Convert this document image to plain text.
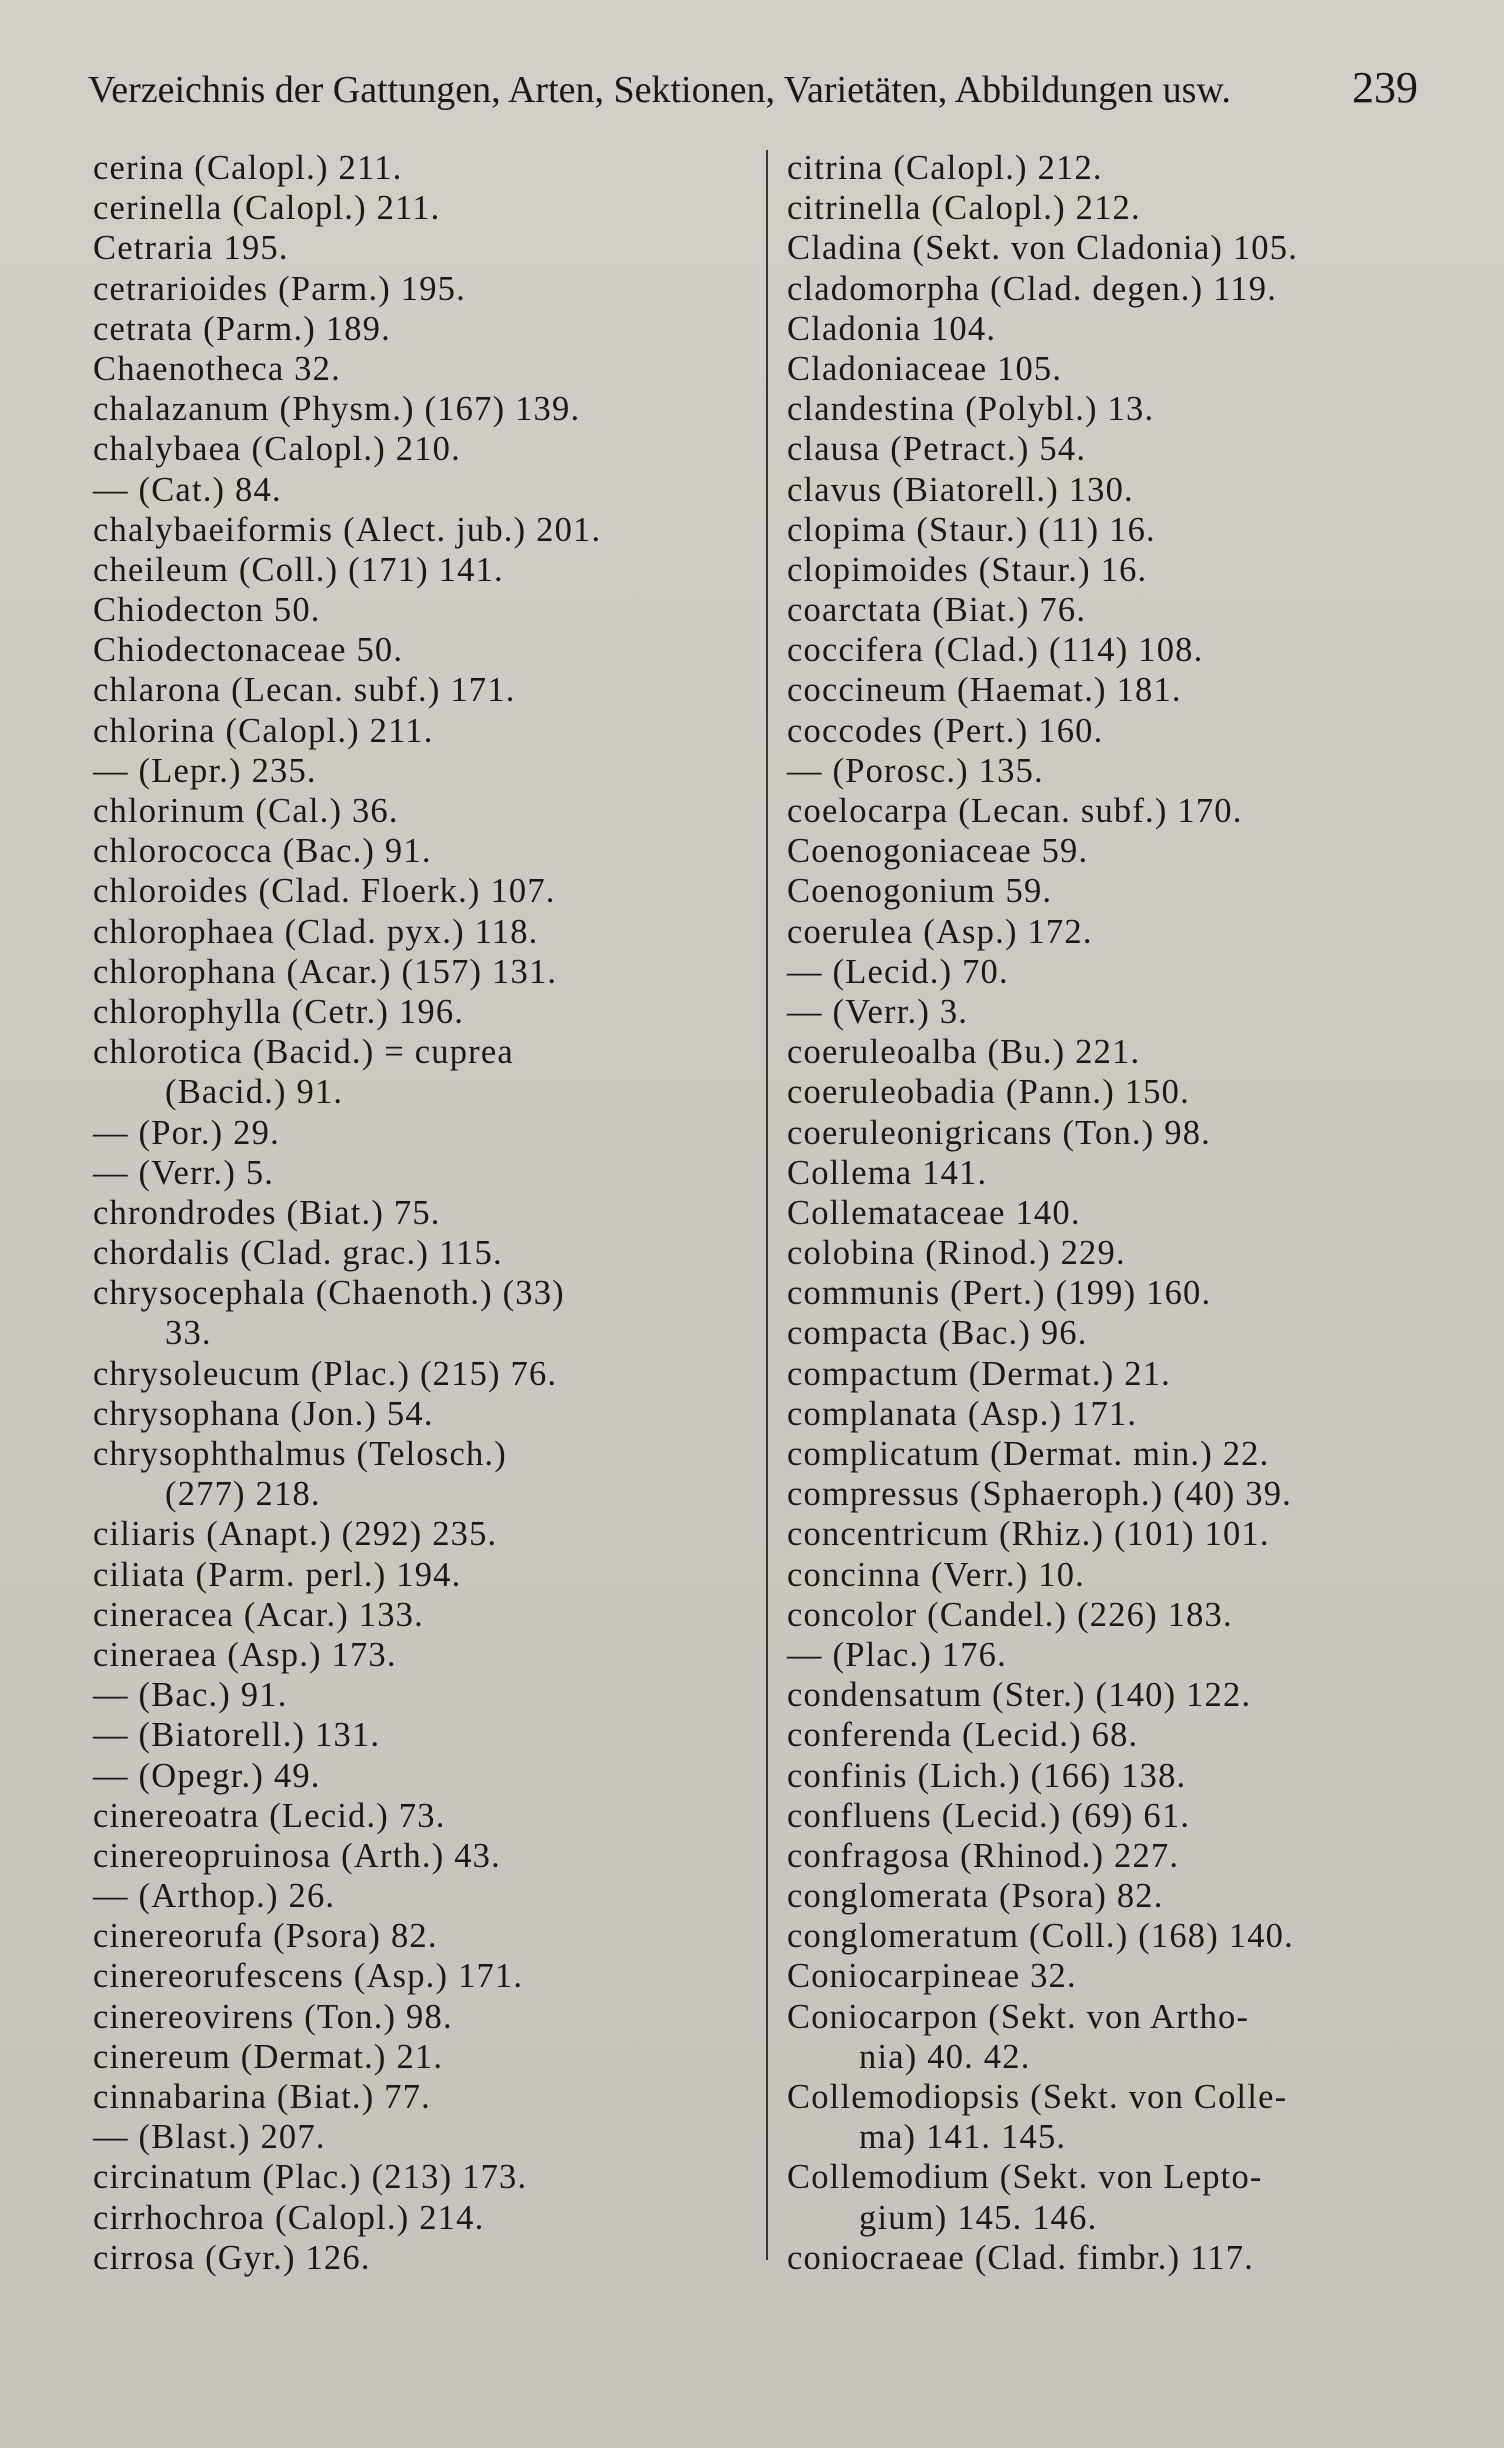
Verzeichnis der Gattungen, Arten, Sektionen, Varietäten, Abbildungen usw.	239
cerina (Calopl.) 211.
cerinella (Calopl.) 211.
Cetraria 195.
cetrarioides (Parm.) 195.
cetrata (Parm.) 189.
Chaenotheca 32.
chalazanum (Physm.) (167) 139.
chalybaea (Calopl.) 210.
— (Cat.) 84.
chalybaeiformis (Alect. jub.) 201.
cheileum (Coll.) (171) 141.
Chiodecton 50.
Chiodectonaceae 50.
chlarona (Lecan. subf.) 171.
chlorina (Calopl.) 211.
— (Lepr.) 235.
chlorinum (Cal.) 36.
chlorococca (Bac.) 91.
chloroides (Clad. Floerk.) 107.
chlorophaea (Clad. pyx.) 118.
chlorophana (Acar.) (157) 131.
chlorophylla (Cetr.) 196.
chlorotica (Bacid.) = cuprea
(Bacid.) 91.
— (Por.) 29.
— (Verr.) 5.
chrondrodes (Biat.) 75.
chordalis (Clad. grac.) 115.
chrysocephala (Chaenoth.) (33)
33.
chrysoleucum (Plac.) (215) 76.
chrysophana (Jon.) 54.
chrysophthalmus (Telosch.)
(277) 218.
ciliaris (Anapt.) (292) 235.
ciliata (Parm. perl.) 194.
cineracea (Acar.) 133.
cineraea (Asp.) 173.
— (Bac.) 91.
— (Biatorell.) 131.
— (Opegr.) 49.
cinereoatra (Lecid.) 73.
cinereopruinosa (Arth.) 43.
— (Arthop.) 26.
cinereorufa (Psora) 82.
cinereorufescens (Asp.) 171.
cinereovirens (Ton.) 98.
cinereum (Dermat.) 21.
cinnabarina (Biat.) 77.
— (Blast.) 207.
circinatum (Plac.) (213) 173.
cirrhochroa (Calopl.) 214.
cirrosa (Gyr.) 126.
citrina (Calopl.) 212.
citrinella (Calopl.) 212.
Cladina (Sekt. von Cladonia) 105.
cladomorpha (Clad. degen.) 119.
Cladonia 104.
Cladoniaceae 105.
clandestina (Polybl.) 13.
clausa (Petract.) 54.
clavus (Biatorell.) 130.
clopima (Staur.) (11) 16.
clopimoides (Staur.) 16.
coarctata (Biat.) 76.
coccifera (Clad.) (114) 108.
coccineum (Haemat.) 181.
coccodes (Pert.) 160.
— (Porosc.) 135.
coelocarpa (Lecan. subf.) 170.
Coenogoniaceae 59.
Coenogonium 59.
coerulea (Asp.) 172.
— (Lecid.) 70.
— (Verr.) 3.
coeruleoalba (Bu.) 221.
coeruleobadia (Pann.) 150.
coeruleonigricans (Ton.) 98.
Collema 141.
Collemataceae 140.
colobina (Rinod.) 229.
communis (Pert.) (199) 160.
compacta (Bac.) 96.
compactum (Dermat.) 21.
complanata (Asp.) 171.
complicatum (Dermat. min.) 22.
compressus (Sphaeroph.) (40) 39.
concentricum (Rhiz.) (101) 101.
concinna (Verr.) 10.
concolor (Candel.) (226) 183.
— (Plac.) 176.
condensatum (Ster.) (140) 122.
conferenda (Lecid.) 68.
confinis (Lich.) (166) 138.
confluens (Lecid.) (69) 61.
confragosa (Rhinod.) 227.
conglomerata (Psora) 82.
conglomeratum (Coll.) (168) 140.
Coniocarpineae 32.
Coniocarpon (Sekt. von Artho-
nia) 40. 42.
Collemodiopsis (Sekt. von Colle-
ma) 141. 145.
Collemodium (Sekt. von Lepto-
gium) 145. 146.
coniocraeae (Clad. fimbr.) 117.
